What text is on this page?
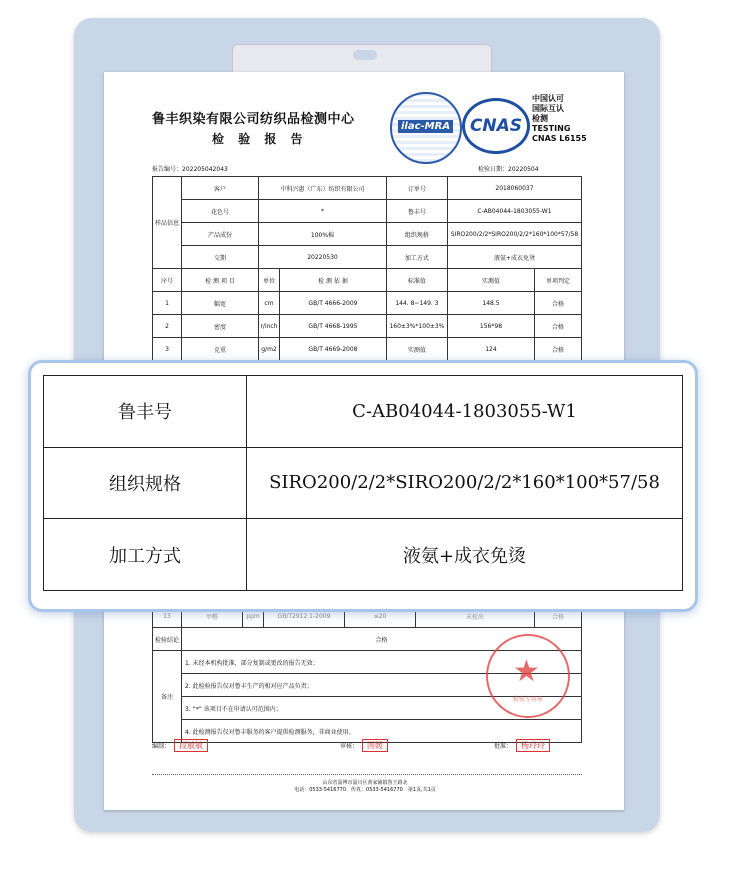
鲁丰织染有限公司纺织品检测中心
检 验 报 告
ilac-MRA	CNAS
中国认可
国际互认
检测
TESTING
CNAS L6155
报告编号：202205042043	检验日期：20220504
样品信息	客户	中科兴惠（广东）纺织有限公司		订单号	2018060037	
	花色号	*		鲁丰号	C-AB04044-1803055-W1	
	产品成份	100%棉		组织规格	SIRO200/2/2*SIRO200/2/2*160*100*57/58	
	交期	20220530		加工方式	液氨+成衣免烫	
序号	检 测 项 目	单位	检 测 依 据	标准值	实测值	单项判定
1	幅宽	cm	GB/T 4666-2009	144. 8~149. 3	148.5	合格
2	密度	r/inch	GB/T 4668-1995	160±3%*100±3%	156*98	合格
3	克重	g/m2	GB/T 4669-2008	实测值	124	合格
13	甲醛	ppm	GB/T2912.1-2009	≤20	未检出	合格
检验结论	合格					
备注	1. 未经本机构批准，部分复制或更改的报告无效；					
	2. 此检验报告仅对鲁丰生产的相对应产品负责；					
	3. “*” 该项目不在申请认可范围内；					
	4. 此检测报告仅对鲁丰服务的客户提供检测服务，非商业使用。					
★
检验专用章
编制： 段敏敏	审核： 国媛	批准： 杨玲玲
山东省淄博市淄川区黄家铺镇鲁王路北
电话：0533-5416770　传真：0533-5416770　第1页,共1页
鲁丰号	C-AB04044-1803055-W1
组织规格	SIRO200/2/2*SIRO200/2/2*160*100*57/58
加工方式	液氨+成衣免烫
